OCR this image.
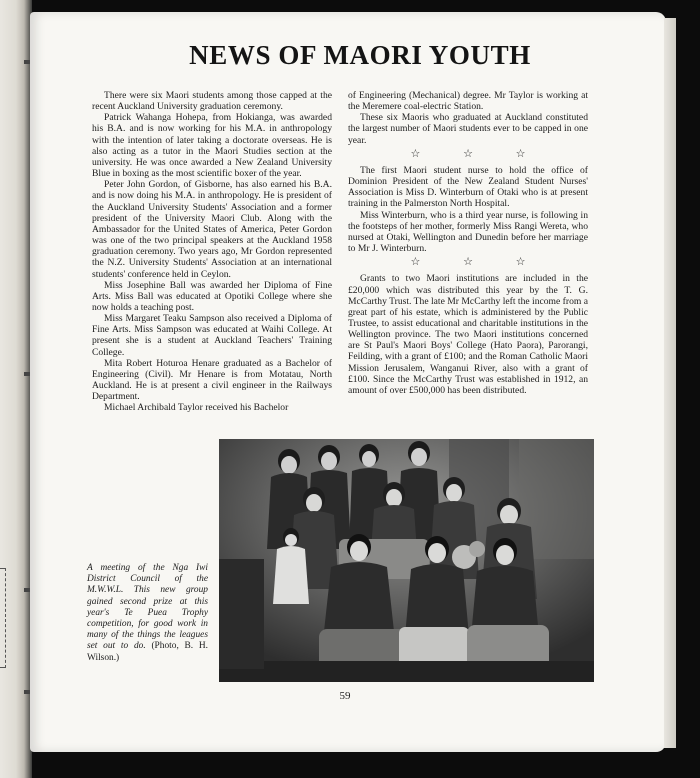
NEWS OF MAORI YOUTH

There were six Maori students among those capped at the recent Auckland University graduation ceremony.

Patrick Wahanga Hohepa, from Hokianga, was awarded his B.A. and is now working for his M.A. in anthropology with the intention of later taking a doctorate overseas. He is also acting as a tutor in the Maori Studies section at the university. He was once awarded a New Zealand University Blue in boxing as the most scientific boxer of the year.

Peter John Gordon, of Gisborne, has also earned his B.A. and is now doing his M.A. in anthropology. He is president of the Auckland University Students' Association and a former president of the University Maori Club. Along with the Ambassador for the United States of America, Peter Gordon was one of the two principal speakers at the Auckland 1958 graduation ceremony. Two years ago, Mr Gordon represented the N.Z. University Students' Association at an international students' conference held in Ceylon.

Miss Josephine Ball was awarded her Diploma of Fine Arts. Miss Ball was educated at Opotiki College where she now holds a teaching post.

Miss Margaret Teaku Sampson also received a Diploma of Fine Arts. Miss Sampson was educated at Waihi College. At present she is a student at Auckland Teachers' Training College.

Mita Robert Hoturoa Henare graduated as a Bachelor of Engineering (Civil). Mr Henare is from Motatau, North Auckland. He is at present a civil engineer in the Railways Department.

Michael Archibald Taylor received his Bachelor

of Engineering (Mechanical) degree. Mr Taylor is working at the Meremere coal-electric Station.

These six Maoris who graduated at Auckland constituted the largest number of Maori students ever to be capped in one year.

☆ ☆ ☆

The first Maori student nurse to hold the office of Dominion President of the New Zealand Student Nurses' Association is Miss D. Winterburn of Otaki who is at present training in the Palmerston North Hospital.

Miss Winterburn, who is a third year nurse, is following in the footsteps of her mother, formerly Miss Rangi Wereta, who nursed at Otaki, Wellington and Dunedin before her marriage to Mr J. Winterburn.

☆ ☆ ☆

Grants to two Maori institutions are included in the £20,000 which was distributed this year by the T. G. McCarthy Trust. The late Mr McCarthy left the income from a great part of his estate, which is administered by the Public Trustee, to assist educational and charitable institutions in the Wellington province. The two Maori institutions concerned are St Paul's Maori Boys' College (Hato Paora), Parorangi, Feilding, with a grant of £100; and the Roman Catholic Maori Mission Jerusalem, Wanganui River, also with a grant of £100. Since the McCarthy Trust was established in 1912, an amount of over £500,000 has been distributed.

A meeting of the Nga Iwi District Council of the M.W.W.L. This new group gained second prize at this year's Te Puea Trophy competition, for good work in many of the things the leagues set out to do. (Photo, B. H. Wilson.)
59
